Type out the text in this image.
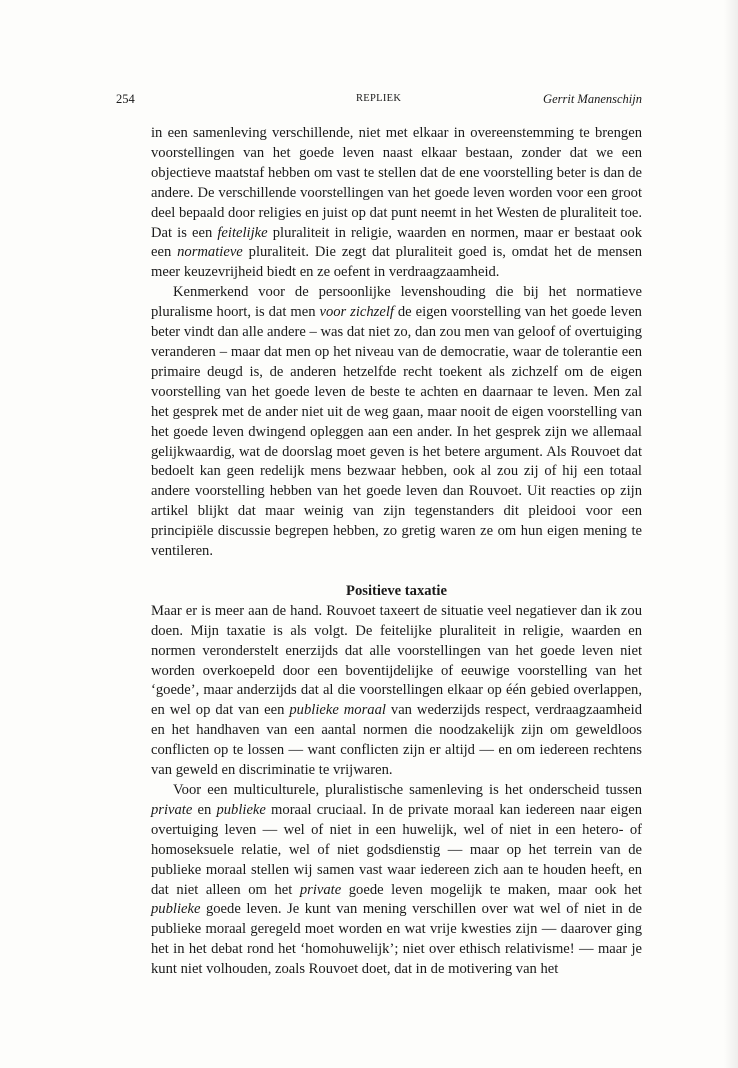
254	REPLIEK	Gerrit Manenschijn

in een samenleving verschillende, niet met elkaar in overeenstemming te brengen voorstellingen van het goede leven naast elkaar bestaan, zonder dat we een objectieve maatstaf hebben om vast te stellen dat de ene voorstelling beter is dan de andere. De verschillende voorstellingen van het goede leven worden voor een groot deel bepaald door religies en juist op dat punt neemt in het Westen de pluraliteit toe. Dat is een feitelijke pluraliteit in religie, waarden en normen, maar er bestaat ook een normatieve pluraliteit. Die zegt dat pluraliteit goed is, omdat het de mensen meer keuzevrijheid biedt en ze oefent in verdraagzaamheid.

Kenmerkend voor de persoonlijke levenshouding die bij het normatieve pluralisme hoort, is dat men voor zichzelf de eigen voorstelling van het goede leven beter vindt dan alle andere – was dat niet zo, dan zou men van geloof of overtuiging veranderen – maar dat men op het niveau van de democratie, waar de tolerantie een primaire deugd is, de anderen hetzelfde recht toekent als zichzelf om de eigen voorstelling van het goede leven de beste te achten en daarnaar te leven. Men zal het gesprek met de ander niet uit de weg gaan, maar nooit de eigen voorstelling van het goede leven dwingend opleggen aan een ander. In het gesprek zijn we allemaal gelijkwaardig, wat de doorslag moet geven is het betere argument. Als Rouvoet dat bedoelt kan geen redelijk mens bezwaar hebben, ook al zou zij of hij een totaal andere voorstelling hebben van het goede leven dan Rouvoet. Uit reacties op zijn artikel blijkt dat maar weinig van zijn tegenstanders dit pleidooi voor een principiële discussie begrepen hebben, zo gretig waren ze om hun eigen mening te ventileren.

Positieve taxatie

Maar er is meer aan de hand. Rouvoet taxeert de situatie veel negatiever dan ik zou doen. Mijn taxatie is als volgt. De feitelijke pluraliteit in religie, waarden en normen veronderstelt enerzijds dat alle voorstellingen van het goede leven niet worden overkoepeld door een boventijdelijke of eeuwige voorstelling van het ‘goede’, maar anderzijds dat al die voorstellingen elkaar op één gebied overlappen, en wel op dat van een publieke moraal van wederzijds respect, verdraagzaamheid en het handhaven van een aantal normen die noodzakelijk zijn om geweldloos conflicten op te lossen — want conflicten zijn er altijd — en om iedereen rechtens van geweld en discriminatie te vrijwaren.

Voor een multiculturele, pluralistische samenleving is het onderscheid tussen private en publieke moraal cruciaal. In de private moraal kan iedereen naar eigen overtuiging leven — wel of niet in een huwelijk, wel of niet in een hetero- of homoseksuele relatie, wel of niet godsdienstig — maar op het terrein van de publieke moraal stellen wij samen vast waar iedereen zich aan te houden heeft, en dat niet alleen om het private goede leven mogelijk te maken, maar ook het publieke goede leven. Je kunt van mening verschillen over wat wel of niet in de publieke moraal geregeld moet worden en wat vrije kwesties zijn — daarover ging het in het debat rond het ‘homohuwelijk’; niet over ethisch relativisme! — maar je kunt niet volhouden, zoals Rouvoet doet, dat in de motivering van het
